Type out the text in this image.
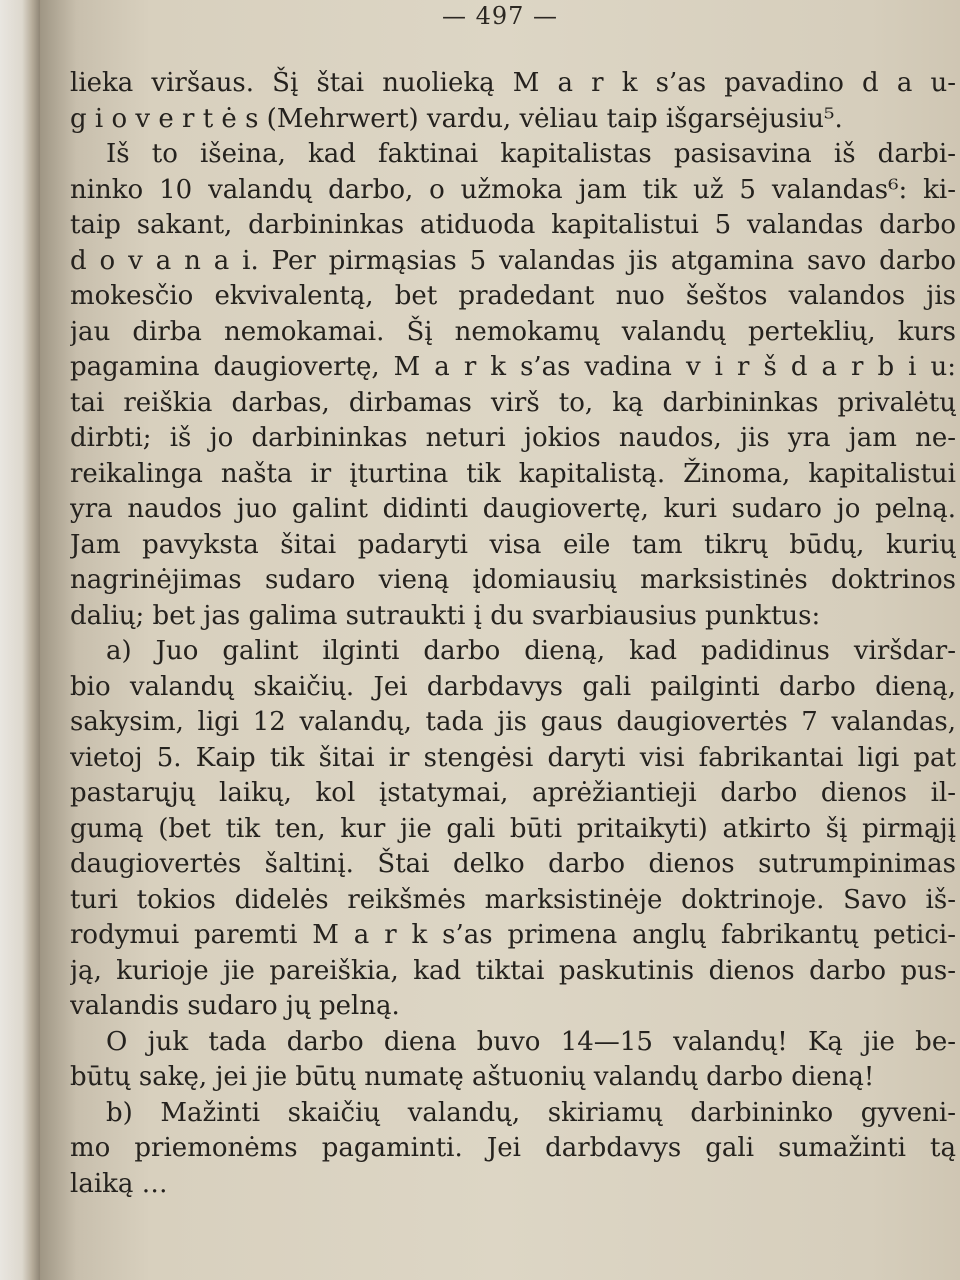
— 497 —
lieka viršaus. Šį štai nuolieką M a r k s’as pavadino d a u-
g i o v e r t ė s (Mehrwert) vardu, vėliau taip išgarsėjusiu⁵.
Iš to išeina, kad faktinai kapitalistas pasisavina iš darbi-
ninko 10 valandų darbo, o užmoka jam tik už 5 valandas⁶: ki-
taip sakant, darbininkas atiduoda kapitalistui 5 valandas darbo
d o v a n a i. Per pirmąsias 5 valandas jis atgamina savo darbo
mokesčio ekvivalentą, bet pradedant nuo šeštos valandos jis
jau dirba nemokamai. Šį nemokamų valandų perteklių, kurs
pagamina daugiovertę, M a r k s’as vadina v i r š d a r b i u:
tai reiškia darbas, dirbamas virš to, ką darbininkas privalėtų
dirbti; iš jo darbininkas neturi jokios naudos, jis yra jam ne-
reikalinga našta ir įturtina tik kapitalistą. Žinoma, kapitalistui
yra naudos juo galint didinti daugiovertę, kuri sudaro jo pelną.
Jam pavyksta šitai padaryti visa eile tam tikrų būdų, kurių
nagrinėjimas sudaro vieną įdomiausių marksistinės doktrinos
dalių; bet jas galima sutraukti į du svarbiausius punktus:
a) Juo galint ilginti darbo dieną, kad padidinus viršdar-
bio valandų skaičių. Jei darbdavys gali pailginti darbo dieną,
sakysim, ligi 12 valandų, tada jis gaus daugiovertės 7 valandas,
vietoj 5. Kaip tik šitai ir stengėsi daryti visi fabrikantai ligi pat
pastarųjų laikų, kol įstatymai, aprėžiantieji darbo dienos il-
gumą (bet tik ten, kur jie gali būti pritaikyti) atkirto šį pirmąjį
daugiovertės šaltinį. Štai delko darbo dienos sutrumpinimas
turi tokios didelės reikšmės marksistinėje doktrinoje. Savo iš-
rodymui paremti M a r k s’as primena anglų fabrikantų petici-
ją, kurioje jie pareiškia, kad tiktai paskutinis dienos darbo pus-
valandis sudaro jų pelną.
O juk tada darbo diena buvo 14—15 valandų! Ką jie be-
būtų sakę, jei jie būtų numatę aštuonių valandų darbo dieną!
b) Mažinti skaičių valandų, skiriamų darbininko gyveni-
mo priemonėms pagaminti. Jei darbdavys gali sumažinti tą
laiką …
